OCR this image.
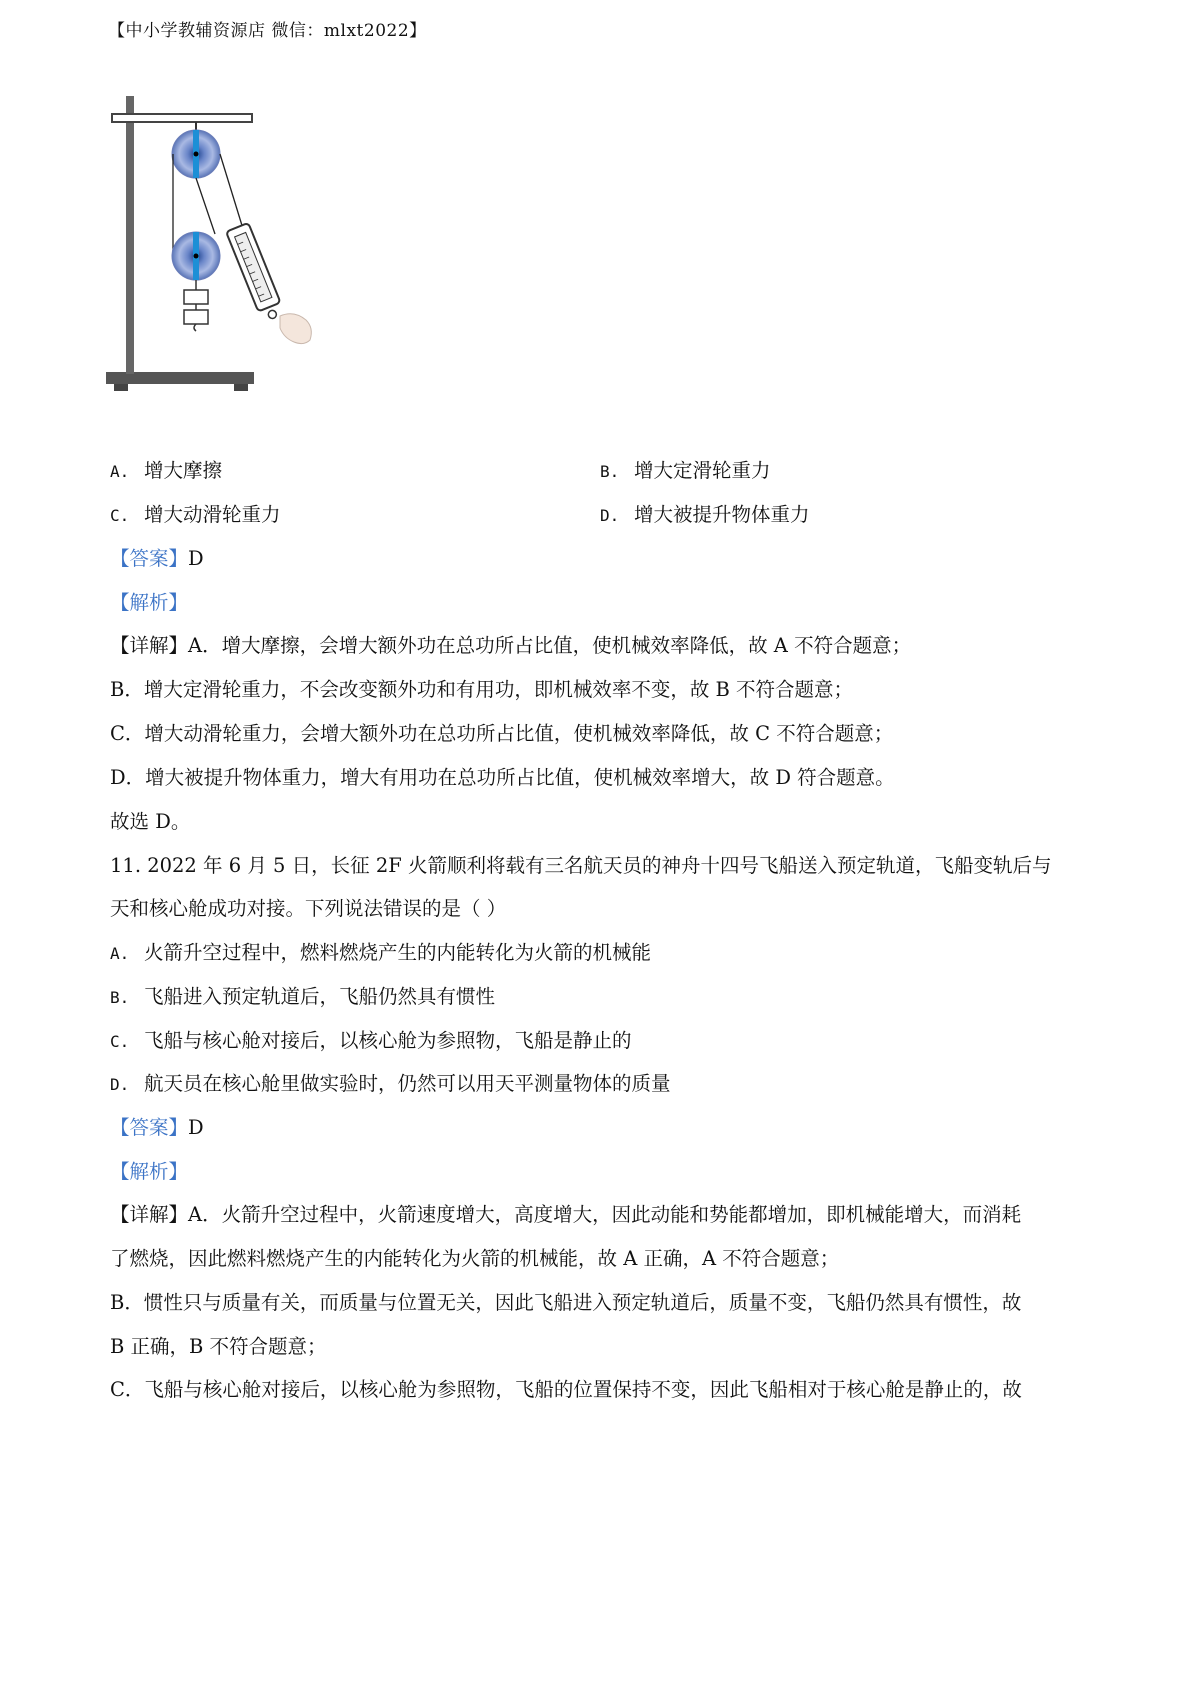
【中小学教辅资源店 微信：mlxt2022】
A. 增大摩擦	B. 增大定滑轮重力
C. 增大动滑轮重力	D. 增大被提升物体重力
【答案】D
【解析】
【详解】A．增大摩擦，会增大额外功在总功所占比值，使机械效率降低，故 A 不符合题意；
B．增大定滑轮重力，不会改变额外功和有用功，即机械效率不变，故 B 不符合题意；
C．增大动滑轮重力，会增大额外功在总功所占比值，使机械效率降低，故 C 不符合题意；
D．增大被提升物体重力，增大有用功在总功所占比值，使机械效率增大，故 D 符合题意。
故选 D。
11. 2022 年 6 月 5 日，长征 2F 火箭顺利将载有三名航天员的神舟十四号飞船送入预定轨道，飞船变轨后与
天和核心舱成功对接。下列说法错误的是（ ）
A. 火箭升空过程中，燃料燃烧产生的内能转化为火箭的机械能
B. 飞船进入预定轨道后，飞船仍然具有惯性
C. 飞船与核心舱对接后，以核心舱为参照物，飞船是静止的
D. 航天员在核心舱里做实验时，仍然可以用天平测量物体的质量
【答案】D
【解析】
【详解】A．火箭升空过程中，火箭速度增大，高度增大，因此动能和势能都增加，即机械能增大，而消耗
了燃烧，因此燃料燃烧产生的内能转化为火箭的机械能，故 A 正确，A 不符合题意；
B．惯性只与质量有关，而质量与位置无关，因此飞船进入预定轨道后，质量不变，飞船仍然具有惯性，故
B 正确，B 不符合题意；
C．飞船与核心舱对接后，以核心舱为参照物，飞船的位置保持不变，因此飞船相对于核心舱是静止的，故
